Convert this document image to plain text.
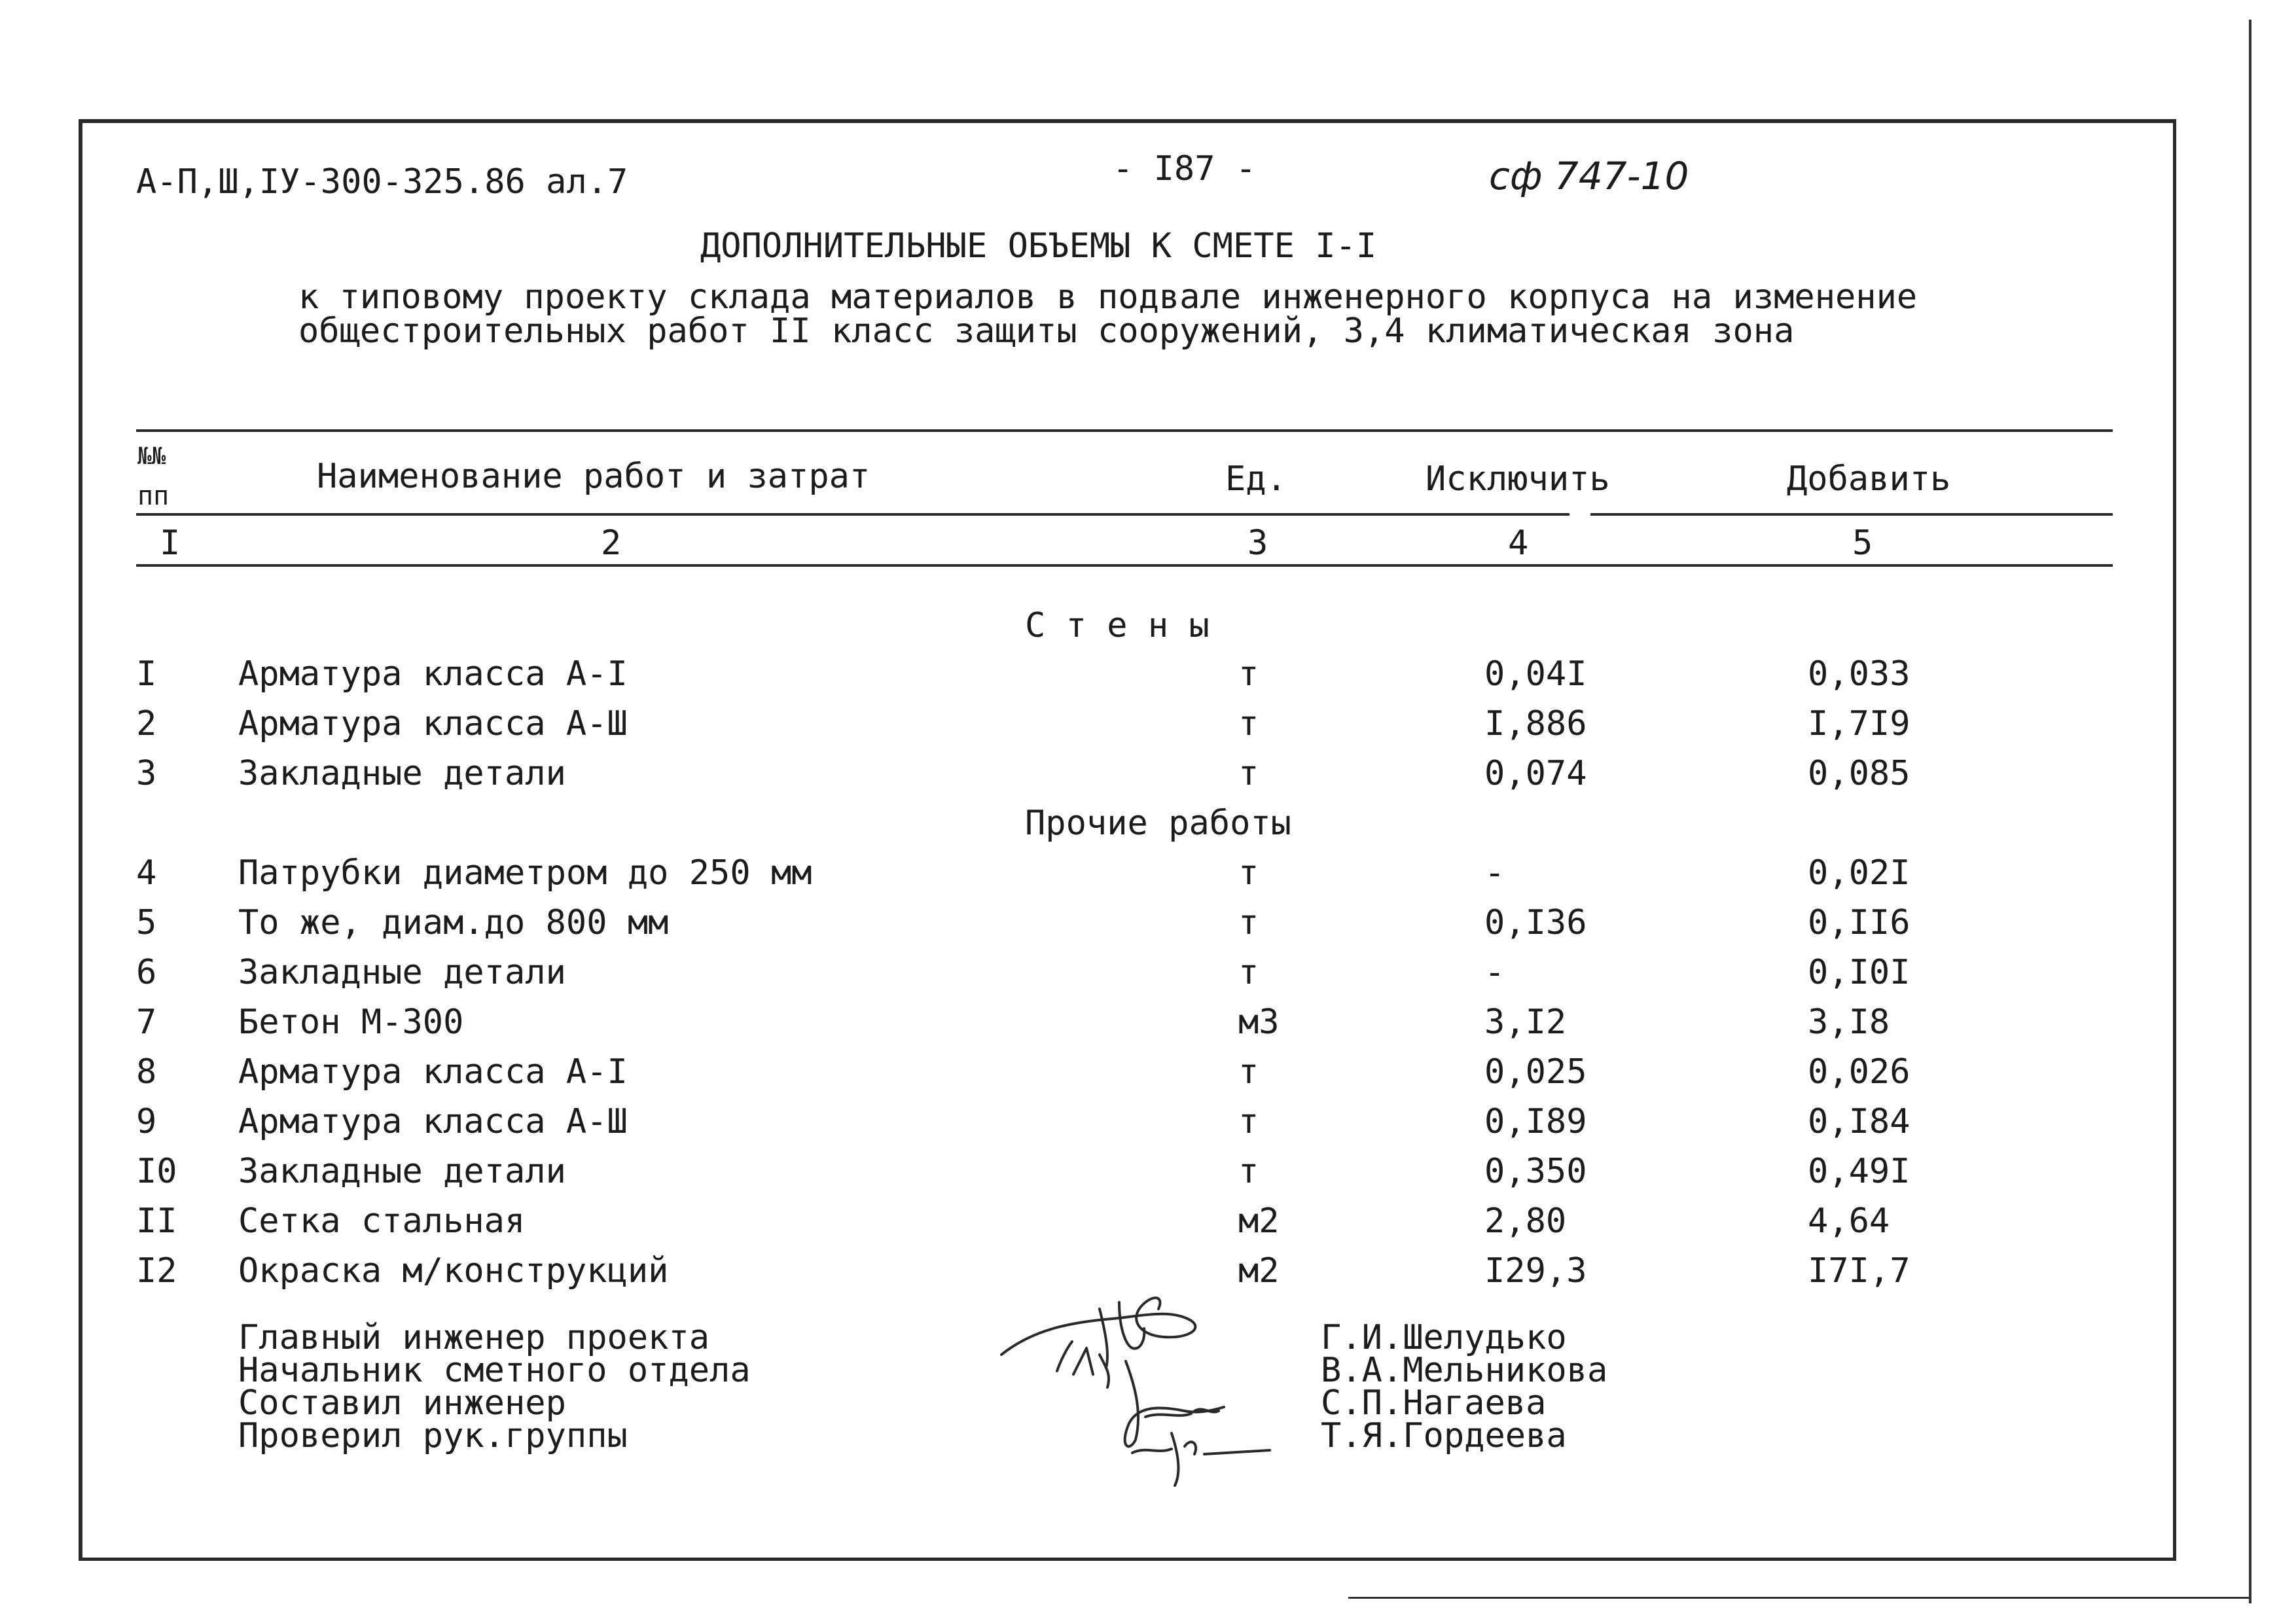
А-П,Ш,IУ-300-325.86 ал.7	- I87 -	сф 747-10
ДОПОЛНИТЕЛЬНЫЕ ОБЪЕМЫ К СМЕТЕ I-I
к типовому проекту склада материалов в подвале инженерного корпуса на изменение
общестроительных работ II класс защиты сооружений, 3,4 климатическая зона
№№
пп	Наименование работ и затрат	Ед.	Исключить	Добавить
I	2	3	4	5
С т е н ы
I Арматура класса А-I	т	0,04I	0,033
2 Арматура класса А-Ш	т	I,886	I,7I9
3 Закладные детали	т	0,074	0,085
Прочие работы
4 Патрубки диаметром до 250 мм	т	-	0,02I
5 То же, диам.до 800 мм	т	0,I36	0,II6
6 Закладные детали	т	-	0,I0I
7 Бетон М-300	м3	3,I2	3,I8
8 Арматура класса А-I	т	0,025	0,026
9 Арматура класса А-Ш	т	0,I89	0,I84
I0 Закладные детали	т	0,350	0,49I
II Сетка стальная	м2	2,80	4,64
I2 Окраска м/конструкций	м2	I29,3	I7I,7
Главный инженер проекта
Начальник сметного отдела
Составил инженер
Проверил рук.группы
Г.И.Шелудько
В.А.Мельникова
С.П.Нагаева
Т.Я.Гордеева
